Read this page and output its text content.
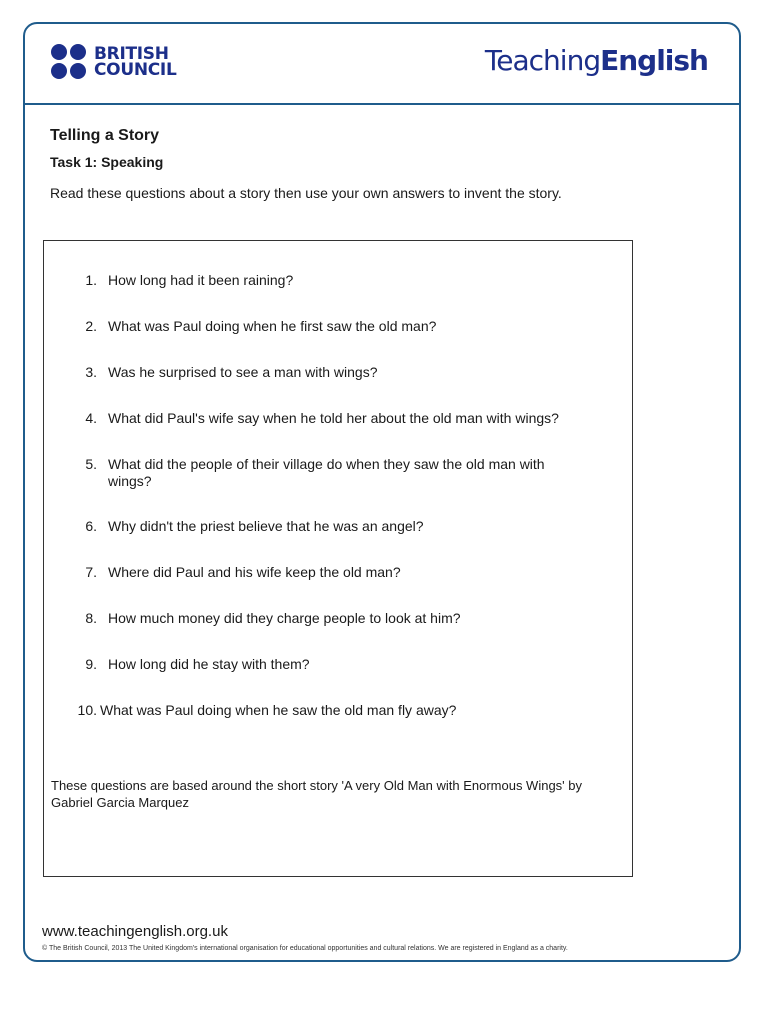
BRITISH
COUNCIL	TeachingEnglish
Telling a Story
Task 1: Speaking

Read these questions about a story then use your own answers to invent the story.

1. How long had it been raining?
2. What was Paul doing when he first saw the old man?
3. Was he surprised to see a man with wings?
4. What did Paul's wife say when he told her about the old man with wings?
5. What did the people of their village do when they saw the old man with wings?
6. Why didn't the priest believe that he was an angel?
7. Where did Paul and his wife keep the old man?
8. How much money did they charge people to look at him?
9. How long did he stay with them?
10. What was Paul doing when he saw the old man fly away?

These questions are based around the short story 'A very Old Man with Enormous Wings' by Gabriel Garcia Marquez

www.teachingenglish.org.uk

© The British Council, 2013 The United Kingdom's international organisation for educational opportunities and cultural relations. We are registered in England as a charity.
